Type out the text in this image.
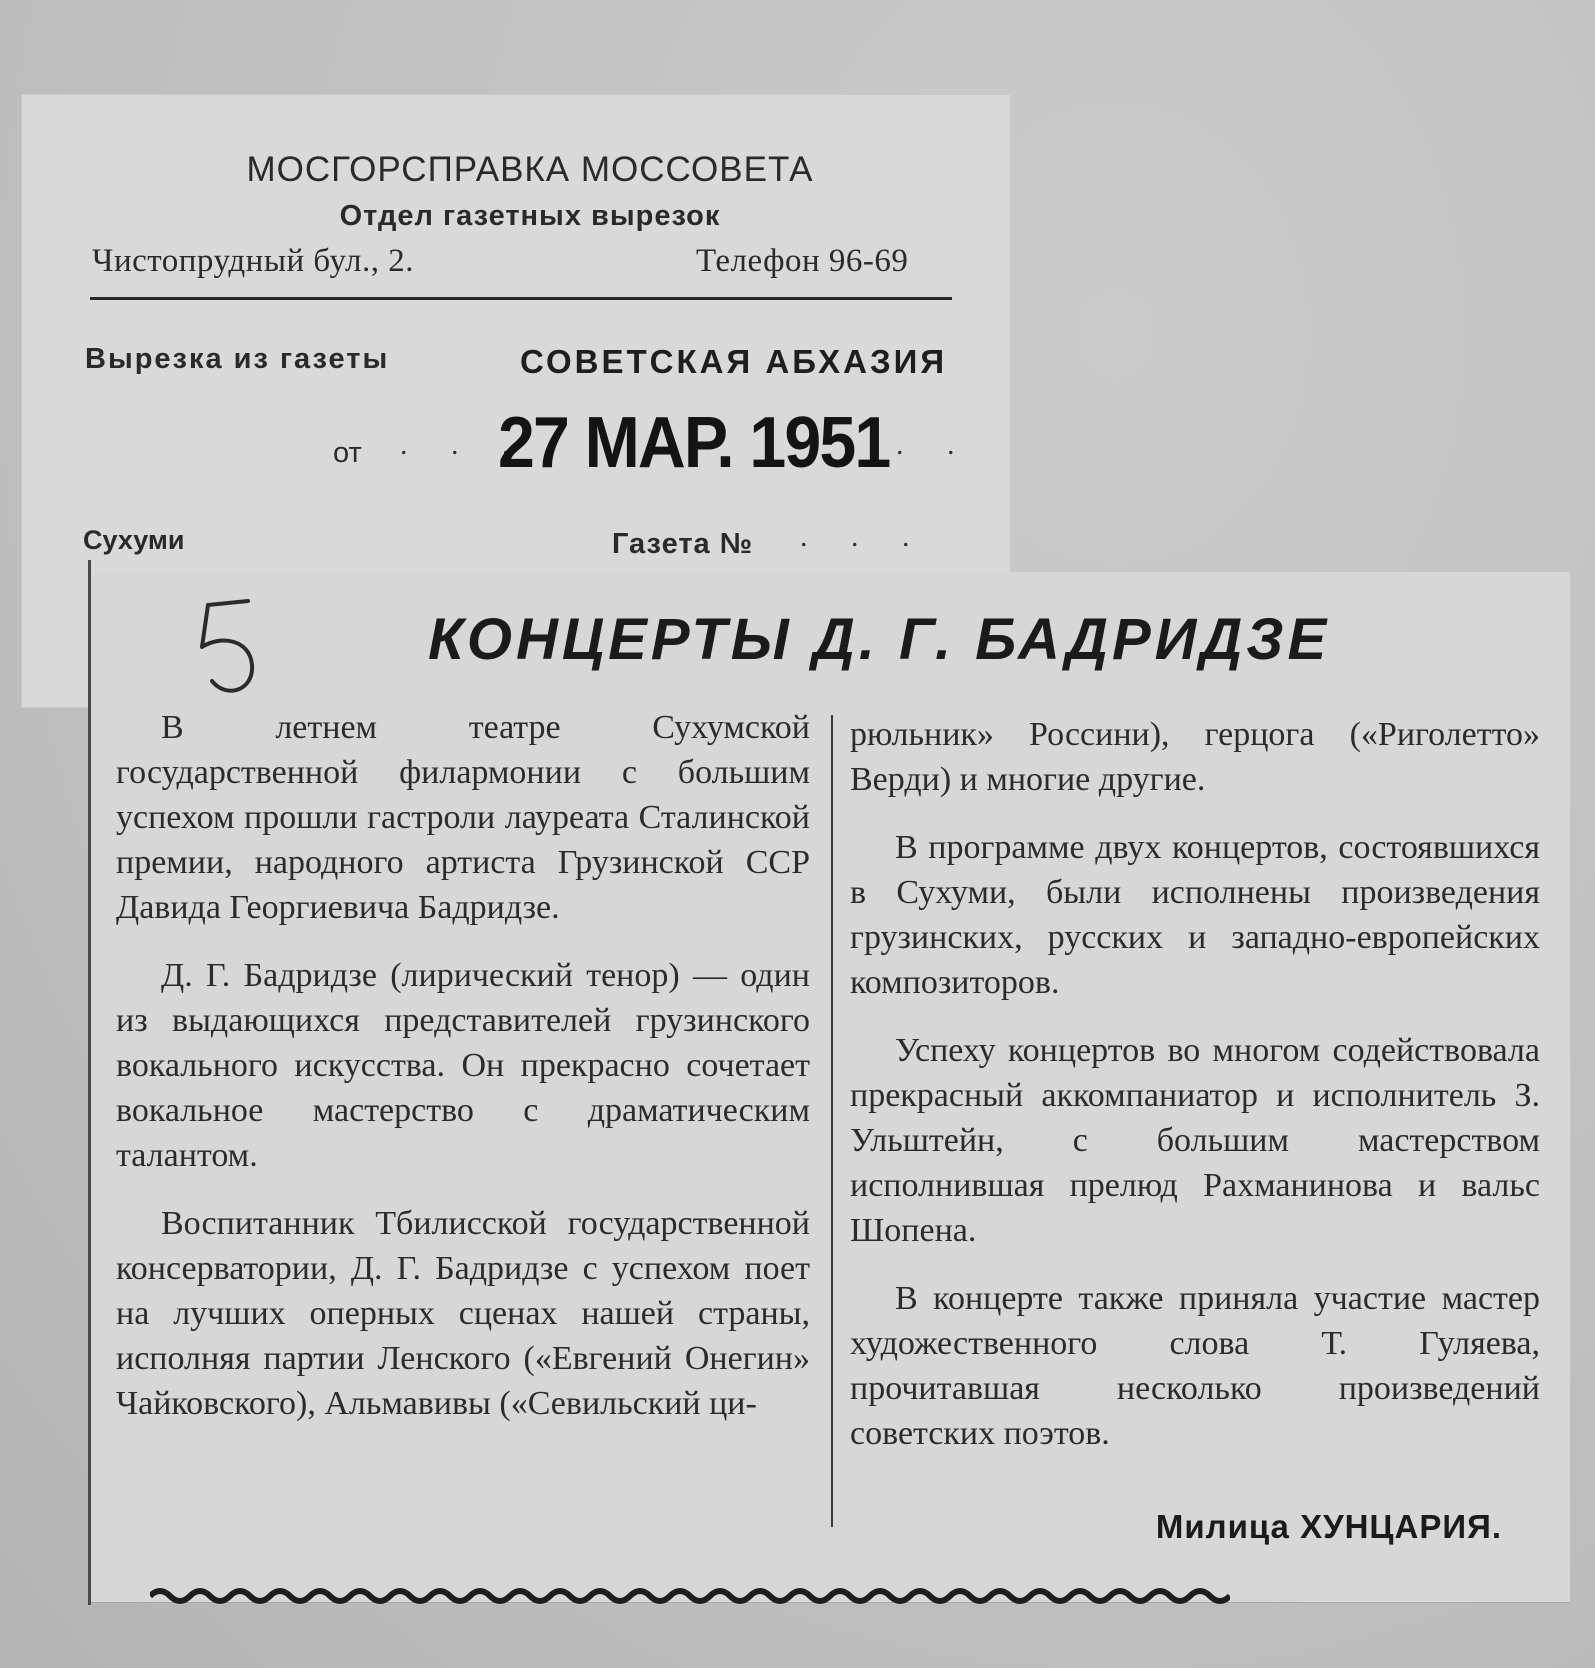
МОСГОРСПРАВКА МОССОВЕТА
Отдел газетных вырезок
Чистопрудный бул., 2.	Телефон 96-69
Вырезка из газеты	СОВЕТСКАЯ АБХАЗИЯ
от . . .
27 МАР. 1951 . .
Сухуми	Газета № . . .
КОНЦЕРТЫ Д. Г. БАДРИДЗЕ

В летнем театре Сухумской государственной филармонии с большим успехом прошли гастроли лауреата Сталинской премии, народного артиста Грузинской ССР Давида Георгиевича Бадридзе.

Д. Г. Бадридзе (лирический тенор) — один из выдающихся представителей грузинского вокального искусства. Он прекрасно сочетает вокальное мастерство с драматическим талантом.

Воспитанник Тбилисской государственной консерватории, Д. Г. Бадридзе с успехом поет на лучших оперных сценах нашей страны, исполняя партии Ленского («Евгений Онегин» Чайковского), Альмавивы («Севильский ци-

рюльник» Россини), герцога («Риголетто» Верди) и многие другие.

В программе двух концертов, состоявшихся в Сухуми, были исполнены произведения грузинских, русских и западно-европейских композиторов.

Успеху концертов во многом содействовала прекрасный аккомпаниатор и исполнитель З. Ульштейн, с большим мастерством исполнившая прелюд Рахманинова и вальс Шопена.

В концерте также приняла участие мастер художественного слова Т. Гуляева, прочитавшая несколько произведений советских поэтов.

Милица ХУНЦАРИЯ.
